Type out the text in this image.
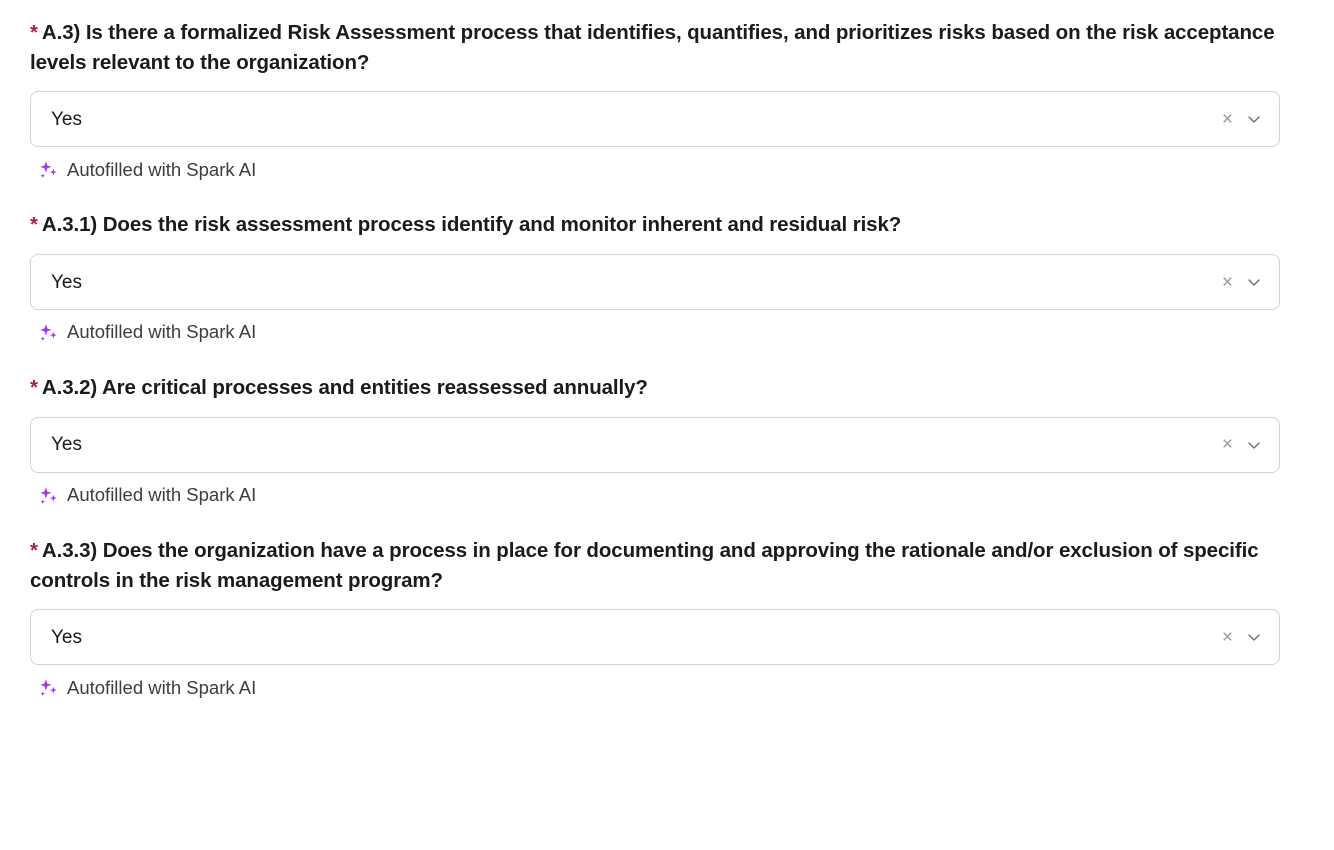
* A.3) Is there a formalized Risk Assessment process that identifies, quantifies, and prioritizes risks based on the risk acceptance levels relevant to the organization?
Yes	×
Autofilled with Spark AI
* A.3.1) Does the risk assessment process identify and monitor inherent and residual risk?
Yes	×
Autofilled with Spark AI
* A.3.2) Are critical processes and entities reassessed annually?
Yes	×
Autofilled with Spark AI
* A.3.3) Does the organization have a process in place for documenting and approving the rationale and/or exclusion of specific controls in the risk management program?
Yes	×
Autofilled with Spark AI
